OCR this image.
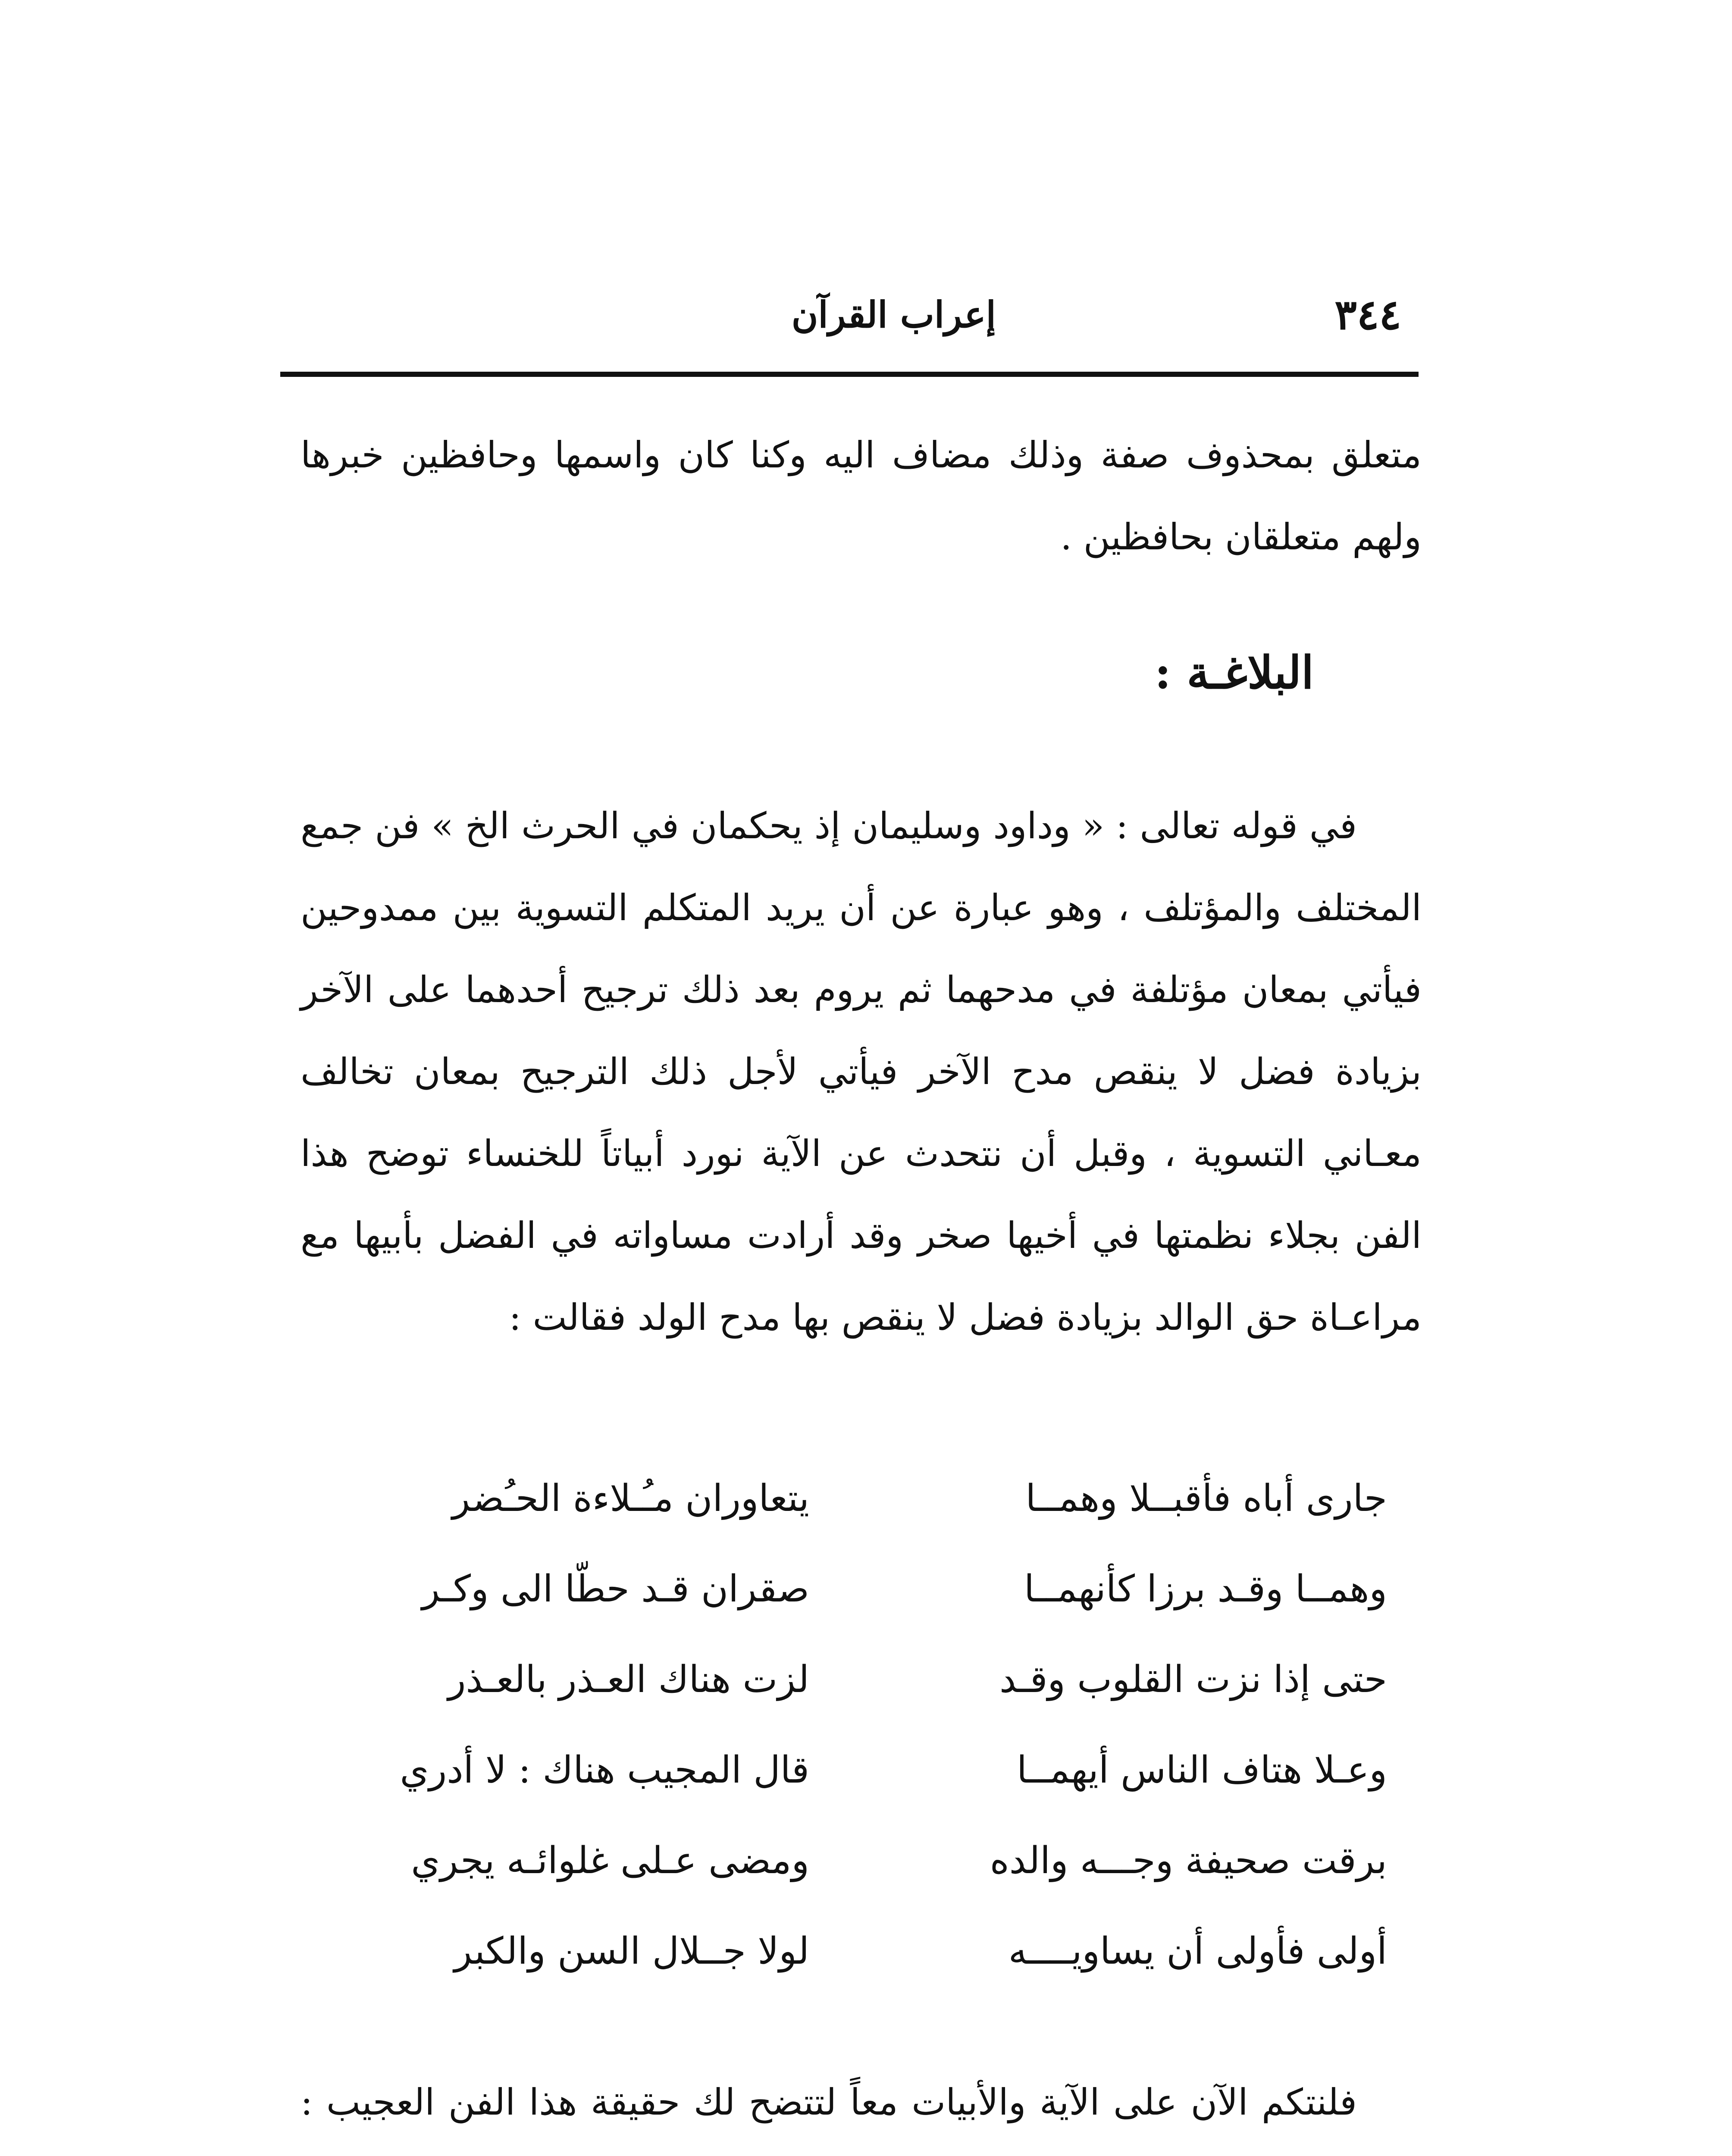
٣٤٤
إعراب القرآن

متعلق بمحذوف صفة وذلك مضاف اليه وكنا كان واسمها وحافظين خبرها ولهم متعلقان بحافظين .

البلاغـة :

في قوله تعالى : « وداود وسليمان إذ يحكمان في الحرث الخ » فن جمع المختلف والمؤتلف ، وهو عبارة عن أن يريد المتكلم التسوية بين ممدوحين فيأتي بمعان مؤتلفة في مدحهما ثم يروم بعد ذلك ترجيح أحدهما على الآخر بزيادة فضل لا ينقص مدح الآخر فيأتي لأجل ذلك الترجيح بمعان تخالف معـاني التسوية ، وقبل أن نتحدث عن الآية نورد أبياتاً للخنساء توضح هذا الفن بجلاء نظمتها في أخيها صخر وقد أرادت مساواته في الفضل بأبيها مع مراعـاة حق الوالد بزيادة فضل لا ينقص بها مدح الولد فقالت :

جارى أباه فأقبــلا وهمــا
يتعاوران مـُـلاءة الحـُضر
وهمــا وقـد برزا كأنهمــا
صقران قـد حطّا الى وكـر
حتى إذا نزت القلوب وقـد
لزت هناك العـذر بالعـذر
وعـلا هتاف الناس أيهمــا
قال المجيب هناك : لا أدري
برقت صحيفة وجـــه والده
ومضى عـلى غلوائـه يجري
أولى فأولى أن يساويــــه
لولا جــلال السن والكبر

فلنتكم الآن على الآية والأبيات معاً لتتضح لك حقيقة هذا الفن العجيب :
